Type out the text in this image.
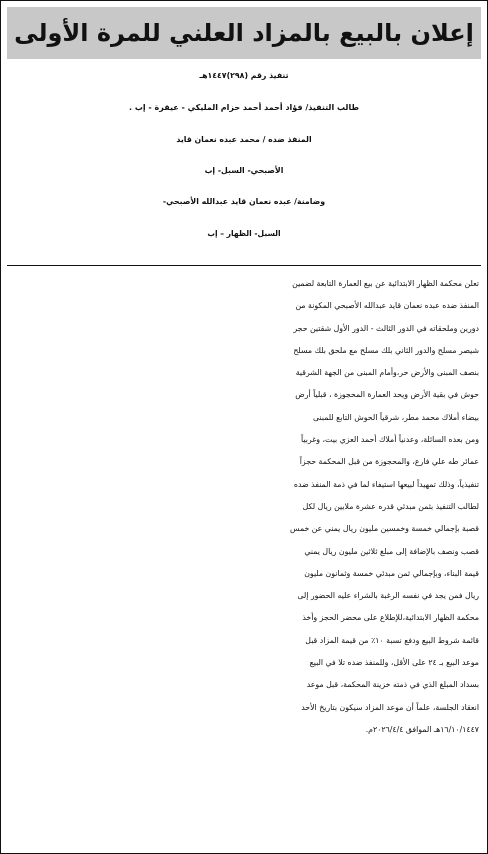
إعلان بالبيع بالمزاد العلني للمرة الأولى
تنفيذ رقم (٢٩٨)١٤٤٧هـ
طالب التنفيذ/ فؤاد أحمد أحمد حزام المليكي - عيقرة - إب .
المنفذ ضده / محمد عبده نعمان قايد
الأصبحي- السبل- إب
وضامنة/ عبده نعمان قايد عبدالله الأصبحي-
السبل- الظهار – إب
تعلن محكمة الظهار الابتدائية عن بيع العمارة التابعة لضمين
المنفذ ضده عبده نعمان قايد عبدالله الأصبحي المكونة من
دورين وملحقاته في الدور الثالث - الدور الأول شقتين حجر
شيصر مسلح والدور الثاني بلك مسلح مع ملحق بلك مسلح
بنصف المبنى والأرض حر،وأمام المبنى من الجهة الشرقية
حوش في بقية الأرض ويحد العمارة المحجوزة ، قبلياً أرض
بيضاء أملاك محمد مطر، شرقياً الحوش التابع للمبنى
ومن بعده السائلة، وعدنياً أملاك أحمد العزي بيت، وغربياً
عمائر طه علي فارع، والمحجوزة من قبل المحكمة حجزاً
تنفيذياً، وذلك تمهيداً لبيعها استيفاء لما في ذمة المنفذ ضده
لطالب التنفيذ بثمن مبدئي قدره عشرة ملايين ريال لكل
قصبة بإجمالي خمسة وخمسين مليون ريال يمني عن خمس
قصب ونصف بالإضافة إلى مبلغ ثلاثين مليون ريال يمني
قيمة البناء، وبإجمالي ثمن مبدئي خمسة وثمانون مليون
ريال فمن يجد في نفسه الرغبة بالشراء عليه الحضور إلى
محكمة الظهار الابتدائية،للإطلاع على محضر الحجز وأخذ
قائمة شروط البيع ودفع نسبة ١٠٪ من قيمة المزاد قبل
موعد البيع بـ ٢٤ على الأقل، وللمنفذ ضده تلا في البيع
بسداد المبلغ الذي في ذمته خزينة المحكمة، قبل موعد
انعقاد الجلسة، علماً أن موعد المزاد سيكون بتاريخ الأحد
١٦/١٠/١٤٤٧هـ الموافق ٢٠٢٦/٤/٤م.
